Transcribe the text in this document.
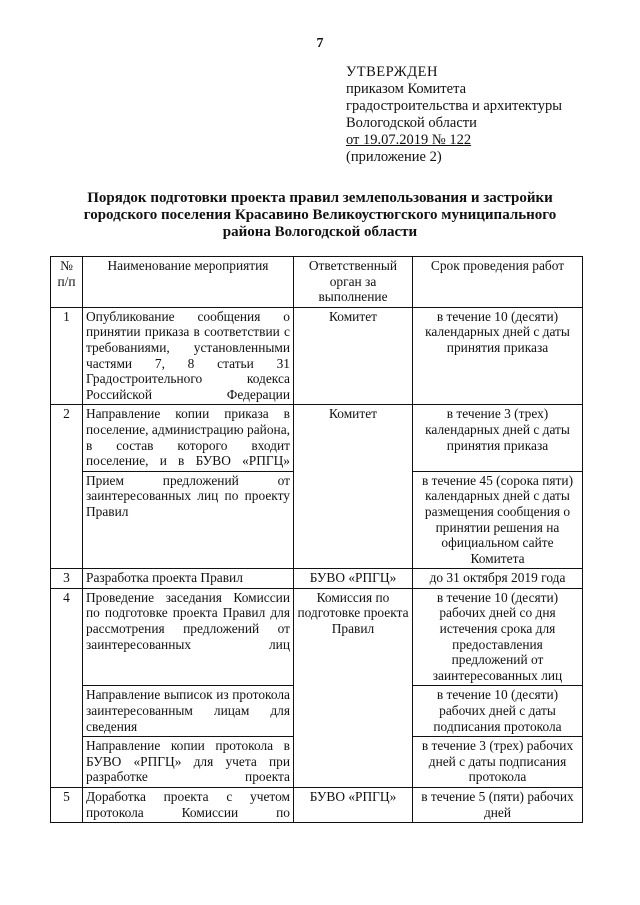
7
УТВЕРЖДЕН
приказом Комитета
градостроительства и архитектуры
Вологодской области
от 19.07.2019 № 122
(приложение 2)
Порядок подготовки проекта правил землепользования и застройки
городского поселения Красавино Великоустюгского муниципального
района Вологодской области
№ п/п	Наименование мероприятия	Ответственный орган за выполнение	Срок проведения работ
1	Опубликование сообщения о принятии приказа в соответствии с требованиями, установленными частями 7, 8 статьи 31 Градостроительного кодекса Российской Федерации	Комитет	в течение 10 (десяти) календарных дней с даты принятия приказа
2	Направление копии приказа в поселение, администрацию района, в состав которого входит поселение, и в БУВО «РПГЦ»	Комитет	в течение 3 (трех) календарных дней с даты принятия приказа
	Прием предложений от заинтересованных лиц по проекту Правил		в течение 45 (сорока пяти) календарных дней с даты размещения сообщения о принятии решения на официальном сайте Комитета
3	Разработка проекта Правил	БУВО «РПГЦ»	до 31 октября 2019 года
4	Проведение заседания Комиссии по подготовке проекта Правил для рассмотрения предложений от заинтересованных лиц	Комиссия по подготовке проекта Правил	в течение 10 (десяти) рабочих дней со дня истечения срока для предоставления предложений от заинтересованных лиц
	Направление выписок из протокола заинтересованным лицам для сведения		в течение 10 (десяти) рабочих дней с даты подписания протокола
	Направление копии протокола в БУВО «РПГЦ» для учета при разработке проекта		в течение 3 (трех) рабочих дней с даты подписания протокола
5	Доработка проекта с учетом протокола Комиссии по	БУВО «РПГЦ»	в течение 5 (пяти) рабочих дней
